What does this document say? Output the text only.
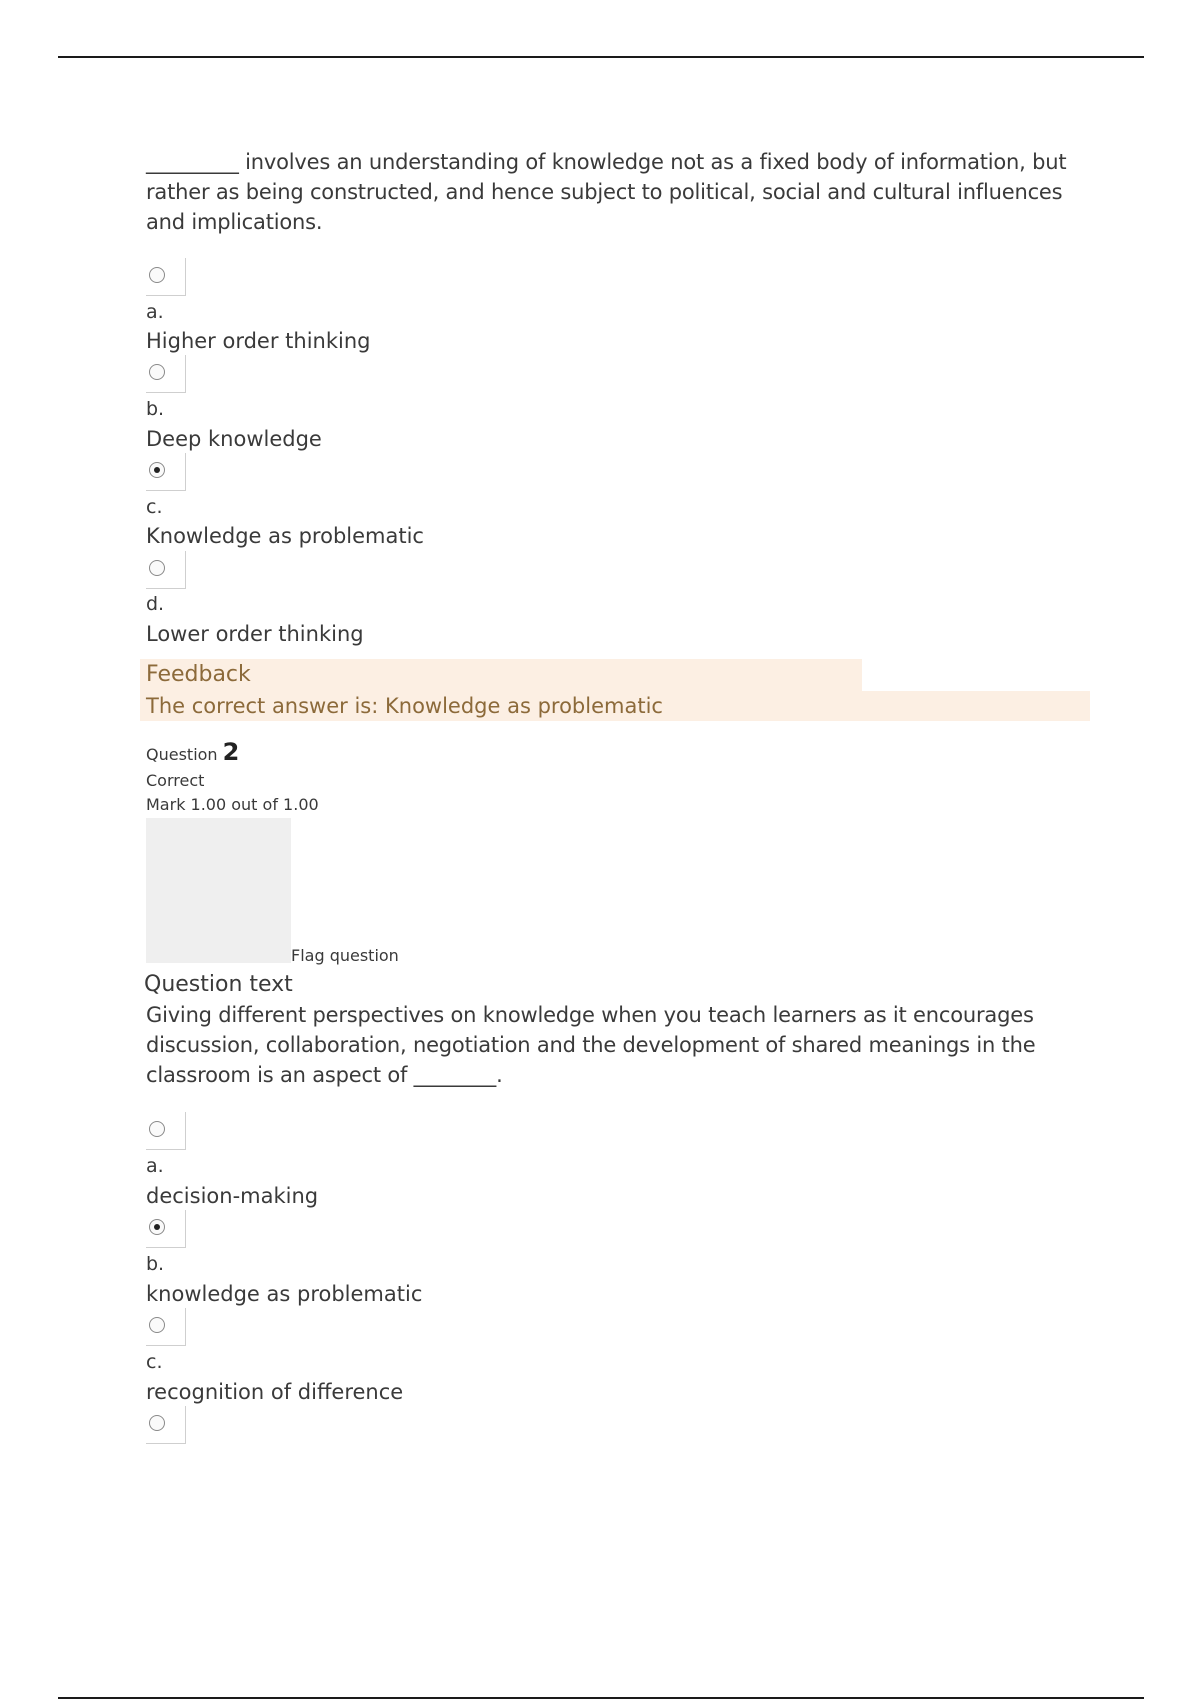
_________ involves an understanding of knowledge not as a fixed body of information, but rather as being constructed, and hence subject to political, social and cultural influences and implications.
a.
Higher order thinking
b.
Deep knowledge
c.
Knowledge as problematic
d.
Lower order thinking
Feedback
The correct answer is: Knowledge as problematic
Question 2
Correct
Mark 1.00 out of 1.00
Flag question
Question text
Giving different perspectives on knowledge when you teach learners as it encourages discussion, collaboration, negotiation and the development of shared meanings in the classroom is an aspect of ________.
a.
decision-making
b.
knowledge as problematic
c.
recognition of difference
